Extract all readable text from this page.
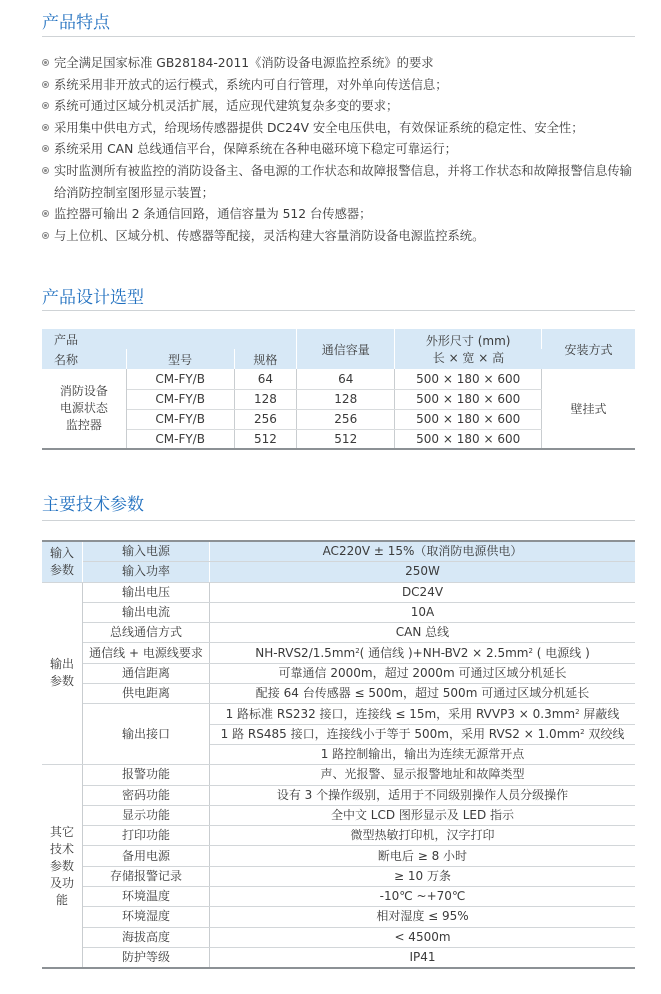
产品特点
完全满足国家标准 GB28184-2011《消防设备电源监控系统》的要求
系统采用非开放式的运行模式，系统内可自行管理，对外单向传送信息；
系统可通过区域分机灵活扩展，适应现代建筑复杂多变的要求；
采用集中供电方式，给现场传感器提供 DC24V 安全电压供电，有效保证系统的稳定性、安全性；
系统采用 CAN 总线通信平台，保障系统在各种电磁环境下稳定可靠运行；
实时监测所有被监控的消防设备主、备电源的工作状态和故障报警信息，并将工作状态和故障报警信息传输给消防控制室图形显示装置；
监控器可输出 2 条通信回路，通信容量为 512 台传感器；
与上位机、区域分机、传感器等配接，灵活构建大容量消防设备电源监控系统。
产品设计选型
产品			通信容量	外形尺寸 (mm)	安装方式
名称	型号	规格		长 × 宽 × 高	

消防设备
电源状态
监控器	CM-FY/B	64	64	500 × 180 × 600	壁挂式
	CM-FY/B	128	128	500 × 180 × 600	
	CM-FY/B	256	256	500 × 180 × 600	
	CM-FY/B	512	512	500 × 180 × 600	
主要技术参数
输入
参数	输入电源	AC220V ± 15%（取消防电源供电）
	输入功率	250W

输出
参数	输出电压	DC24V
	输出电流	10A
	总线通信方式	CAN 总线
	通信线 + 电源线要求	$NH-RVS2/1.5mm^2$( 通信线 )$+NH-BV2 \times 2.5mm^2$ ( 电源线 )
	通信距离	可靠通信 2000m，超过 2000m 可通过区域分机延长
	供电距离	配接 64 台传感器 ≤ 500m，超过 500m 可通过区域分机延长
	输出接口	1 路标准 RS232 接口，连接线 ≤ 15m，采用 RVVP3 × $0.3mm^2$ 屏蔽线
		1 路 RS485 接口，连接线小于等于 500m，采用 $RVS2 \times 1.0mm^2$ 双绞线
		1 路控制输出，输出为连续无源常开点

其它
技术
参数
及功
能	报警功能	声、光报警、显示报警地址和故障类型
	密码功能	设有 3 个操作级别，适用于不同级别操作人员分级操作
	显示功能	全中文 LCD 图形显示及 LED 指示
	打印功能	微型热敏打印机，汉字打印
	备用电源	断电后 ≥ 8 小时
	存储报警记录	≥ 10 万条
	环境温度	-10℃ ~+70℃
	环境湿度	相对湿度 ≤ 95%
	海拔高度	< 4500m
	防护等级	IP41
